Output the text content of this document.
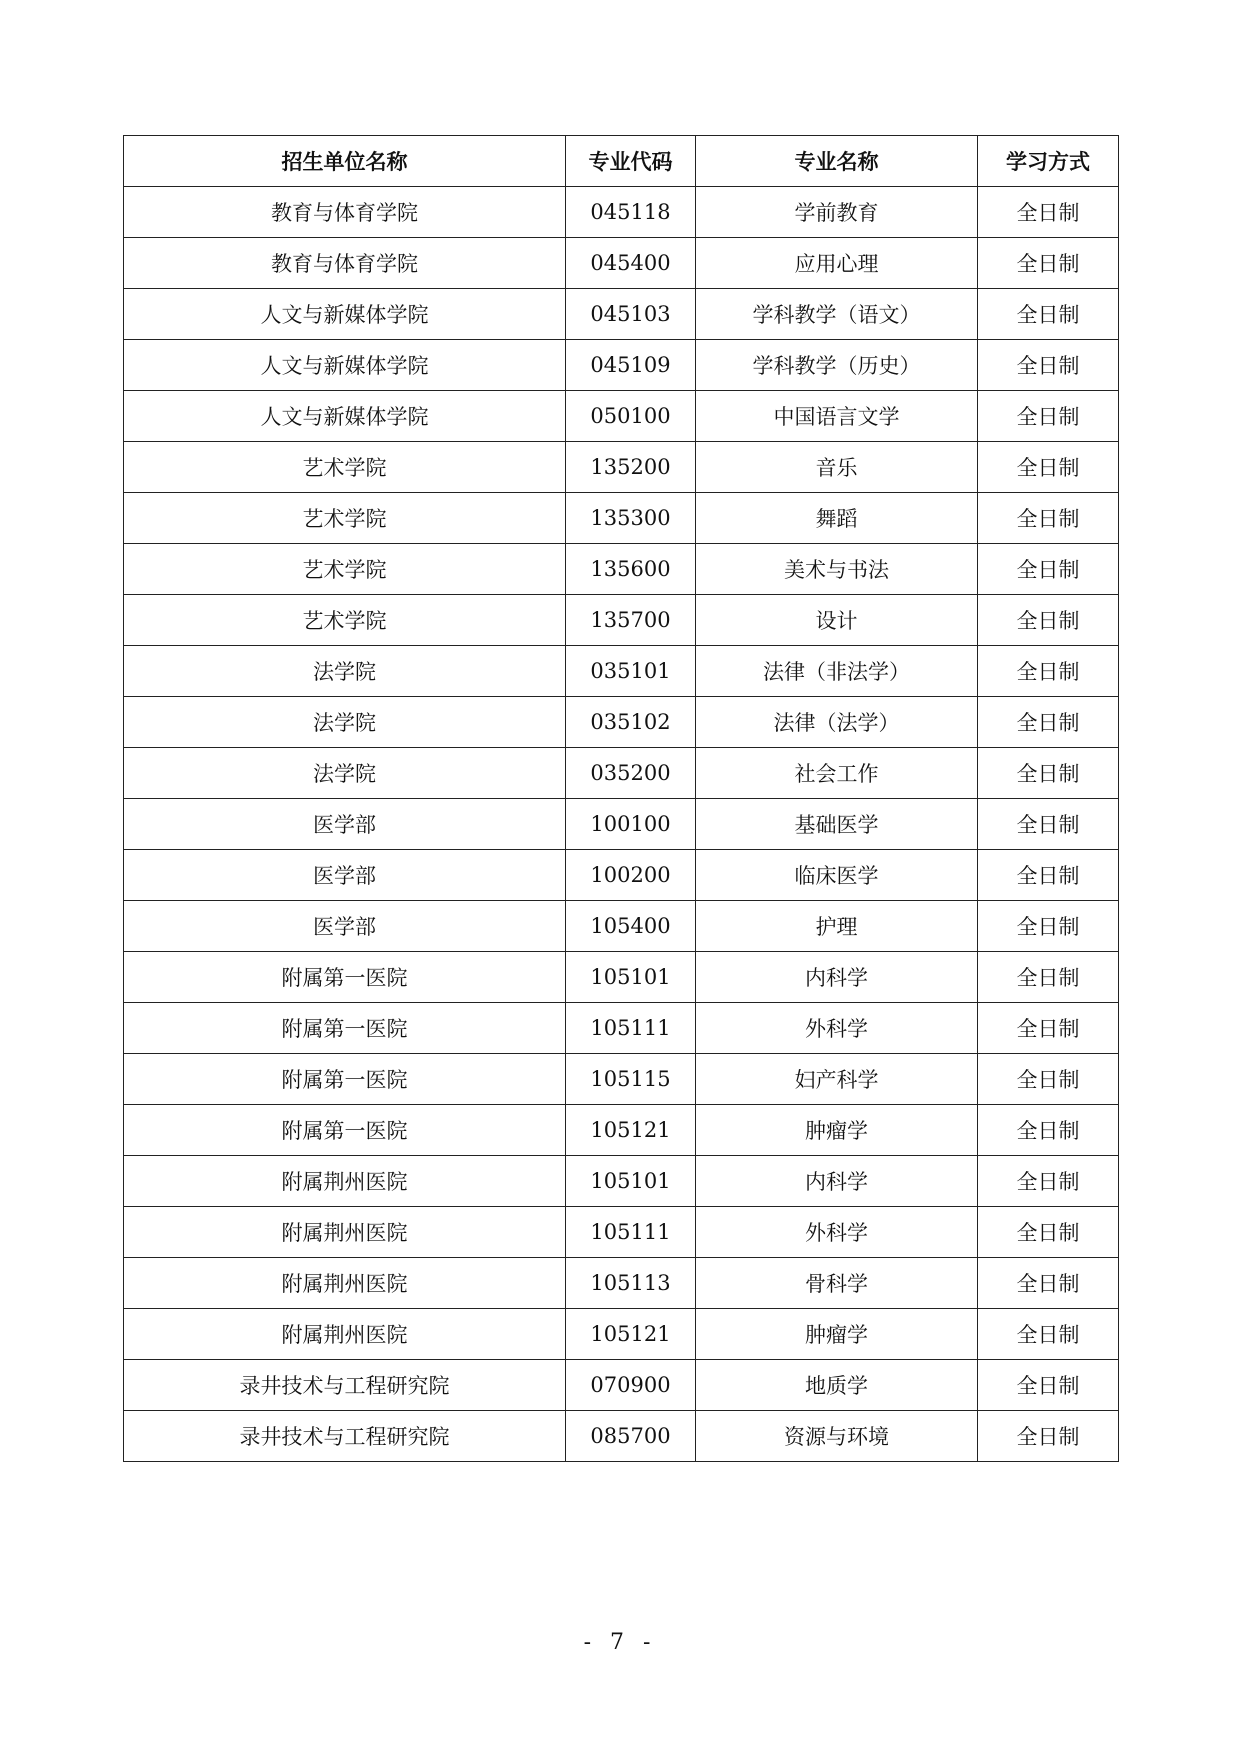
招生单位名称	专业代码	专业名称	学习方式
教育与体育学院	045118	学前教育	全日制
教育与体育学院	045400	应用心理	全日制
人文与新媒体学院	045103	学科教学（语文）	全日制
人文与新媒体学院	045109	学科教学（历史）	全日制
人文与新媒体学院	050100	中国语言文学	全日制
艺术学院	135200	音乐	全日制
艺术学院	135300	舞蹈	全日制
艺术学院	135600	美术与书法	全日制
艺术学院	135700	设计	全日制
法学院	035101	法律（非法学）	全日制
法学院	035102	法律（法学）	全日制
法学院	035200	社会工作	全日制
医学部	100100	基础医学	全日制
医学部	100200	临床医学	全日制
医学部	105400	护理	全日制
附属第一医院	105101	内科学	全日制
附属第一医院	105111	外科学	全日制
附属第一医院	105115	妇产科学	全日制
附属第一医院	105121	肿瘤学	全日制
附属荆州医院	105101	内科学	全日制
附属荆州医院	105111	外科学	全日制
附属荆州医院	105113	骨科学	全日制
附属荆州医院	105121	肿瘤学	全日制
录井技术与工程研究院	070900	地质学	全日制
录井技术与工程研究院	085700	资源与环境	全日制
- 7 -
